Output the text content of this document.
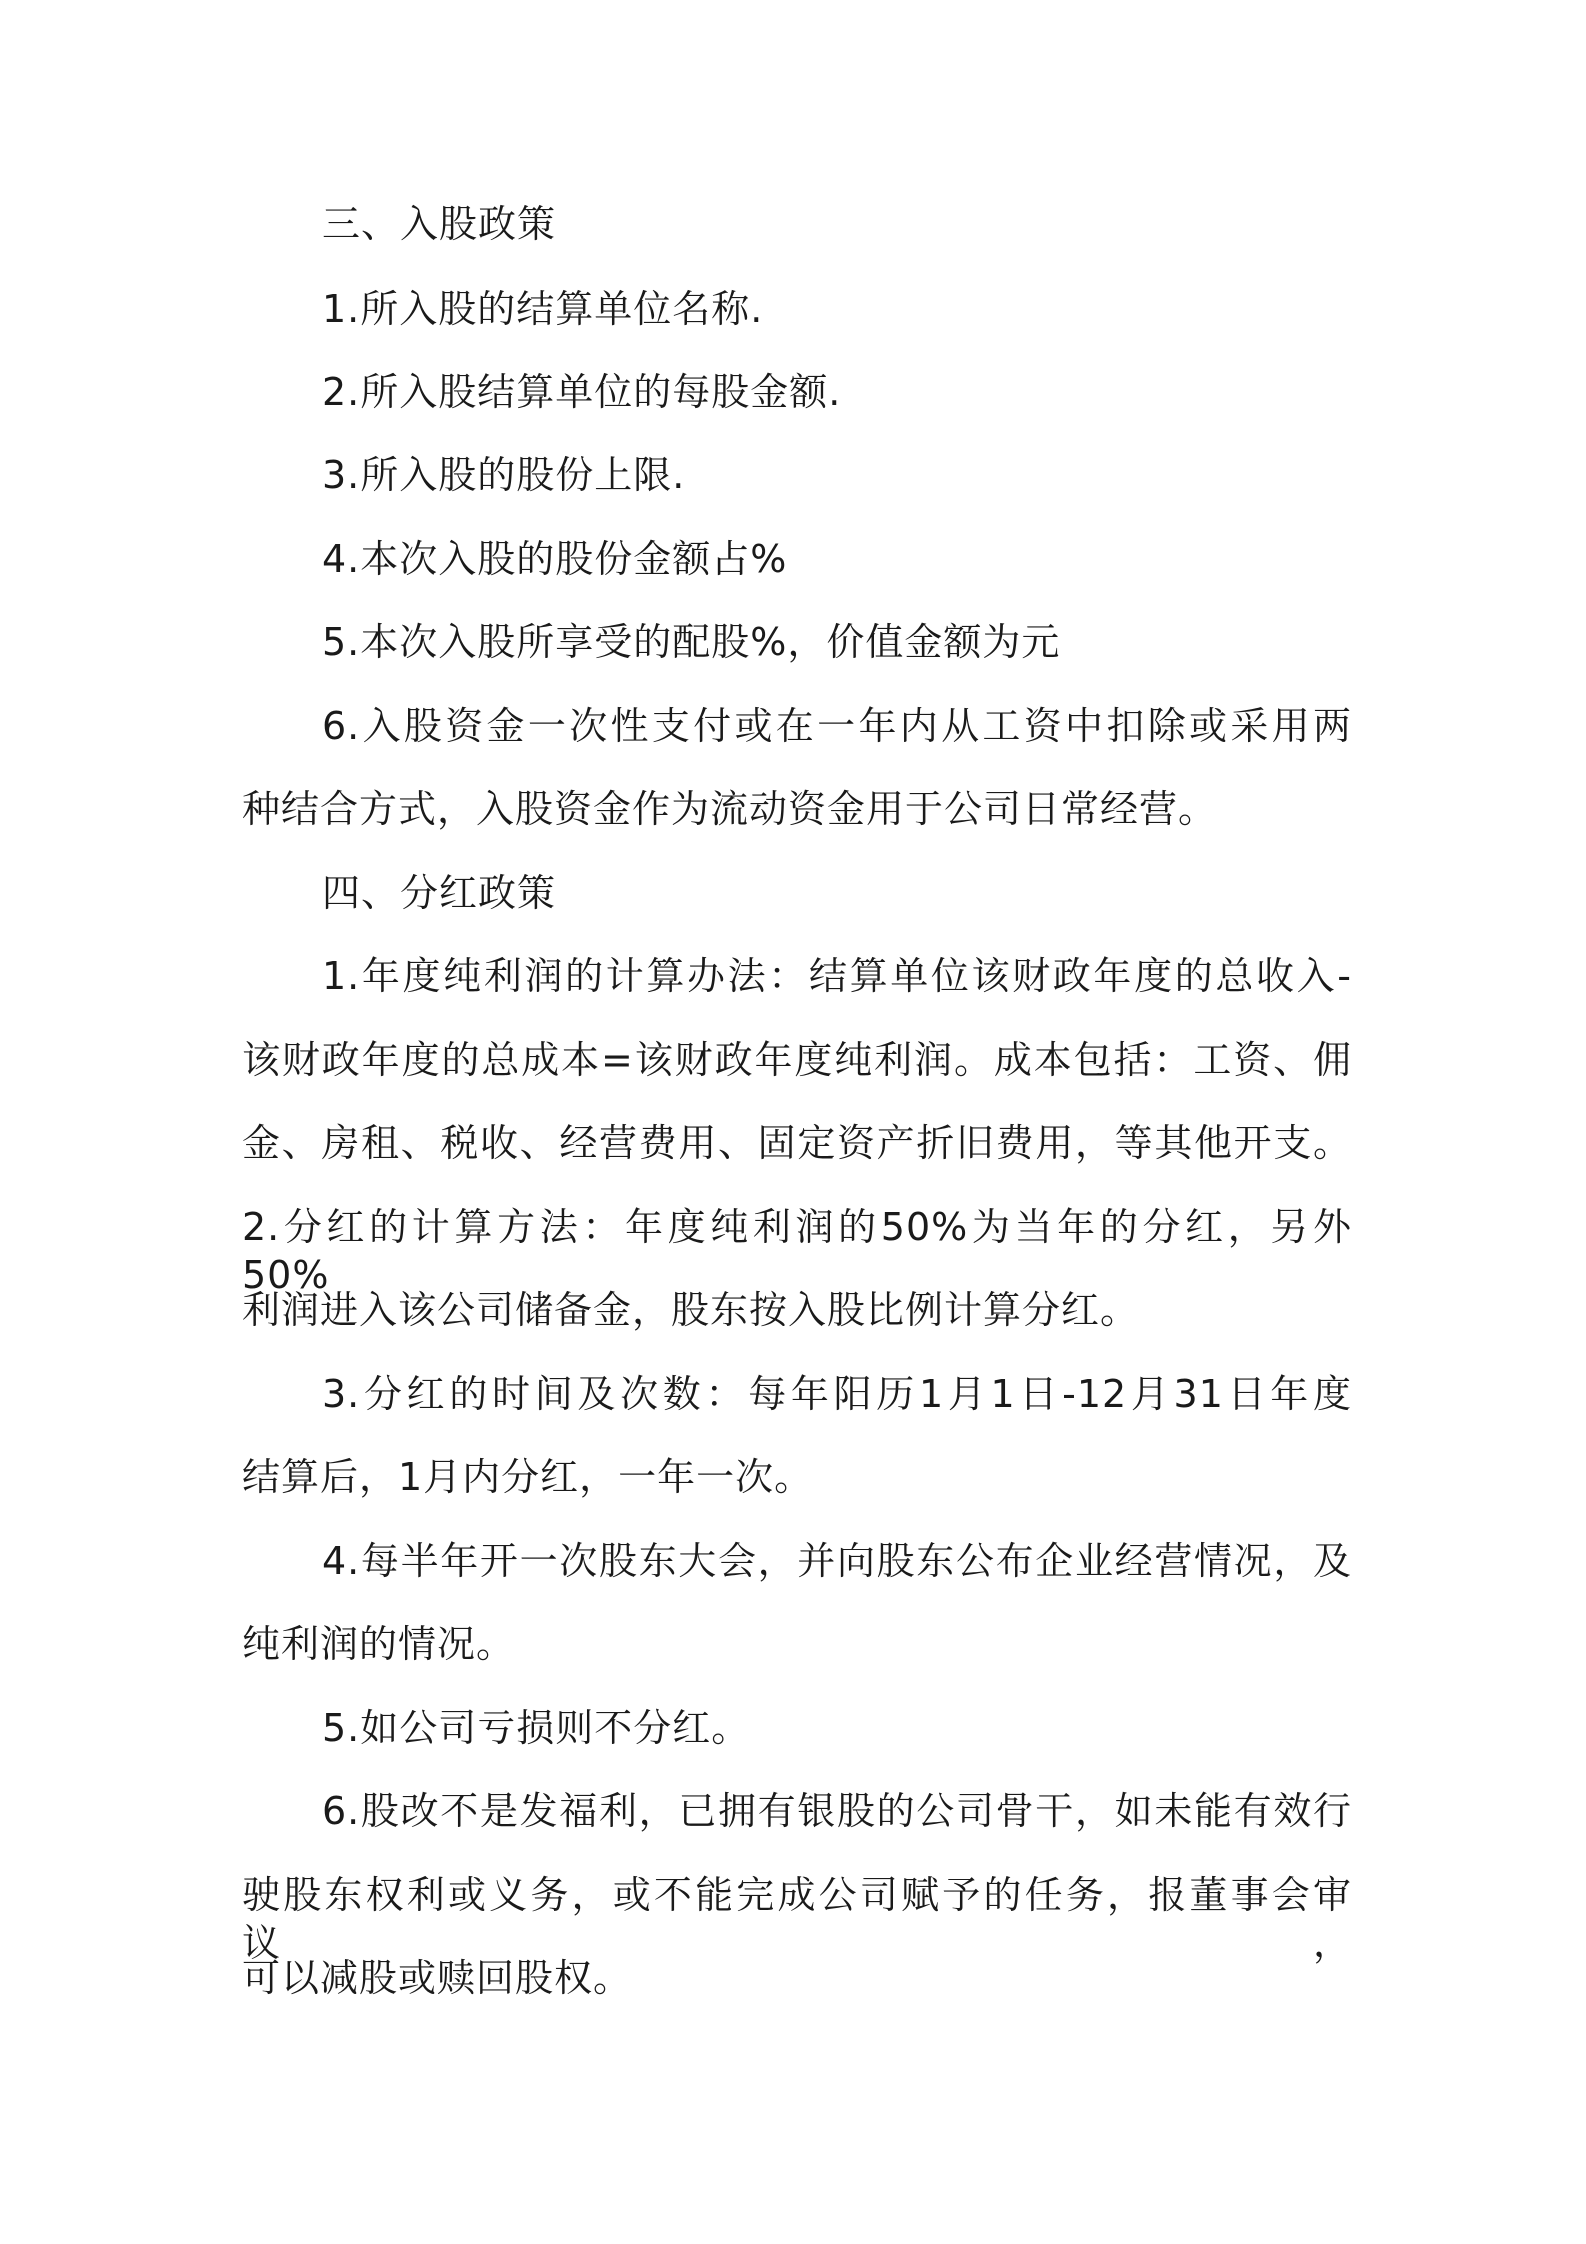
三、入股政策
1.所入股的结算单位名称.
2.所入股结算单位的每股金额.
3.所入股的股份上限.
4.本次入股的股份金额占%
5.本次入股所享受的配股%，价值金额为元
6.入股资金一次性支付或在一年内从工资中扣除或采用两
种结合方式，入股资金作为流动资金用于公司日常经营。
四、分红政策
1.年度纯利润的计算办法：结算单位该财政年度的总收入-
该财政年度的总成本=该财政年度纯利润。成本包括：工资、佣
金、房租、税收、经营费用、固定资产折旧费用，等其他开支。
2.分红的计算方法：年度纯利润的50%为当年的分红，另外50%
利润进入该公司储备金，股东按入股比例计算分红。
3.分红的时间及次数：每年阳历1月1日-12月31日年度
结算后，1月内分红，一年一次。
4.每半年开一次股东大会，并向股东公布企业经营情况，及
纯利润的情况。
5.如公司亏损则不分红。
6.股改不是发福利，已拥有银股的公司骨干，如未能有效行
驶股东权利或义务，或不能完成公司赋予的任务，报董事会审议，
可以减股或赎回股权。
